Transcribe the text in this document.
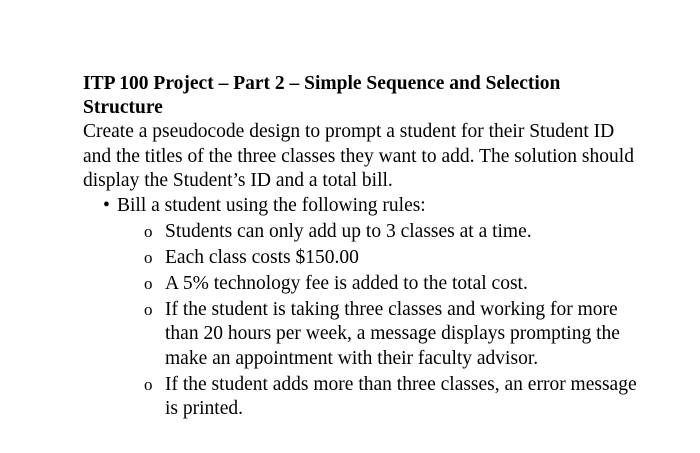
ITP 100 Project – Part 2 – Simple Sequence and Selection Structure

Create a pseudocode design to prompt a student for their Student ID and the titles of the three classes they want to add. The solution should display the Student’s ID and a total bill.

• Bill a student using the following rules:
o Students can only add up to 3 classes at a time.
o Each class costs $150.00
o A 5% technology fee is added to the total cost.
o If the student is taking three classes and working for more than 20 hours per week, a message displays prompting the make an appointment with their faculty advisor.
o If the student adds more than three classes, an error message is printed.
